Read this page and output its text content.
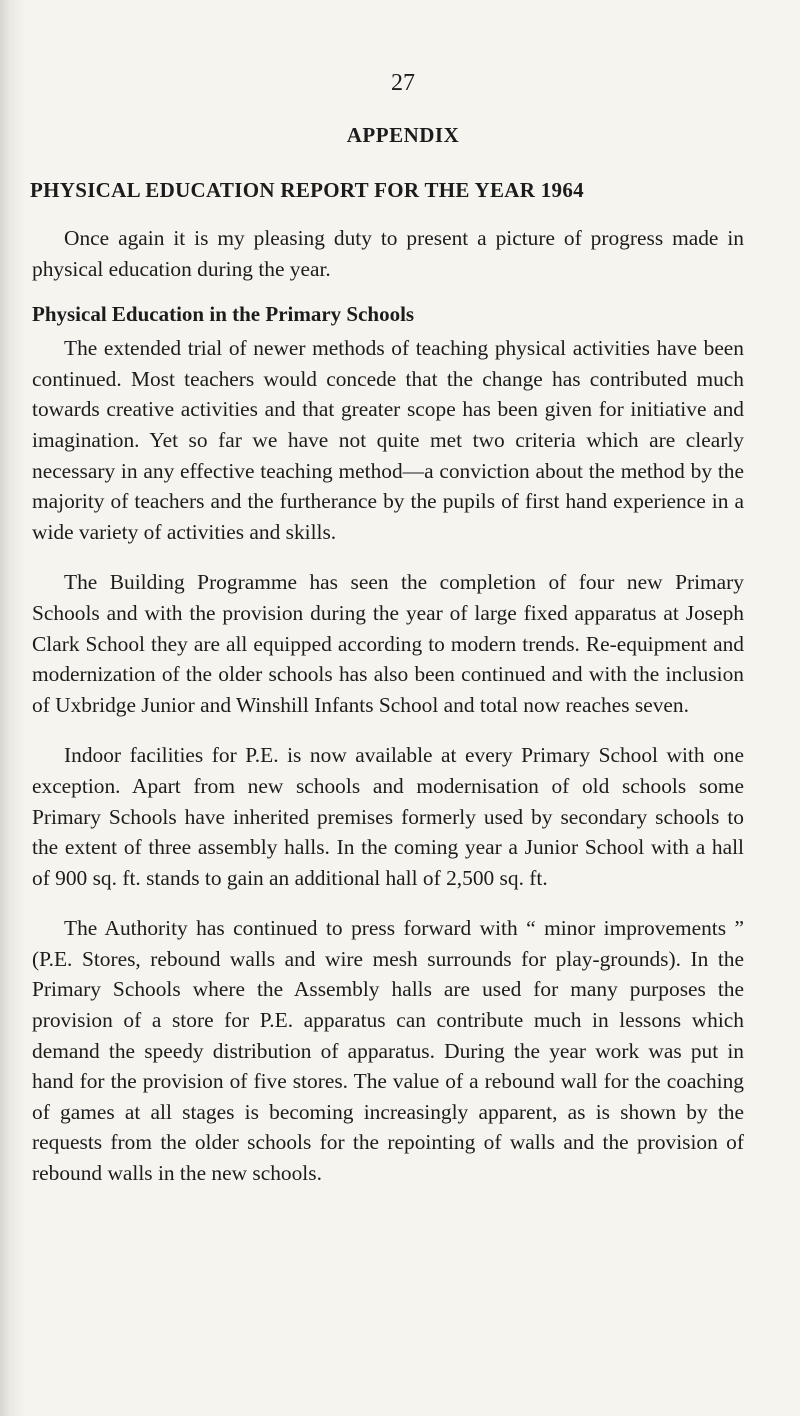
27
APPENDIX
PHYSICAL EDUCATION REPORT FOR THE YEAR 1964

Once again it is my pleasing duty to present a picture of progress made in physical education during the year.

Physical Education in the Primary Schools

The extended trial of newer methods of teaching physical activities have been continued. Most teachers would concede that the change has contributed much towards creative activities and that greater scope has been given for initiative and imagination. Yet so far we have not quite met two criteria which are clearly necessary in any effective teaching method—a conviction about the method by the majority of teachers and the furtherance by the pupils of first hand experience in a wide variety of activities and skills.

The Building Programme has seen the completion of four new Primary Schools and with the provision during the year of large fixed apparatus at Joseph Clark School they are all equipped according to modern trends. Re-equipment and modernization of the older schools has also been continued and with the inclusion of Uxbridge Junior and Winshill Infants School and total now reaches seven.

Indoor facilities for P.E. is now available at every Primary School with one exception. Apart from new schools and modernisation of old schools some Primary Schools have inherited premises formerly used by secondary schools to the extent of three assembly halls. In the coming year a Junior School with a hall of 900 sq. ft. stands to gain an additional hall of 2,500 sq. ft.

The Authority has continued to press forward with “ minor improvements ” (P.E. Stores, rebound walls and wire mesh surrounds for play-grounds). In the Primary Schools where the Assembly halls are used for many purposes the provision of a store for P.E. apparatus can contribute much in lessons which demand the speedy distribution of apparatus. During the year work was put in hand for the provision of five stores. The value of a rebound wall for the coaching of games at all stages is becoming increasingly apparent, as is shown by the requests from the older schools for the repointing of walls and the provision of rebound walls in the new schools.
